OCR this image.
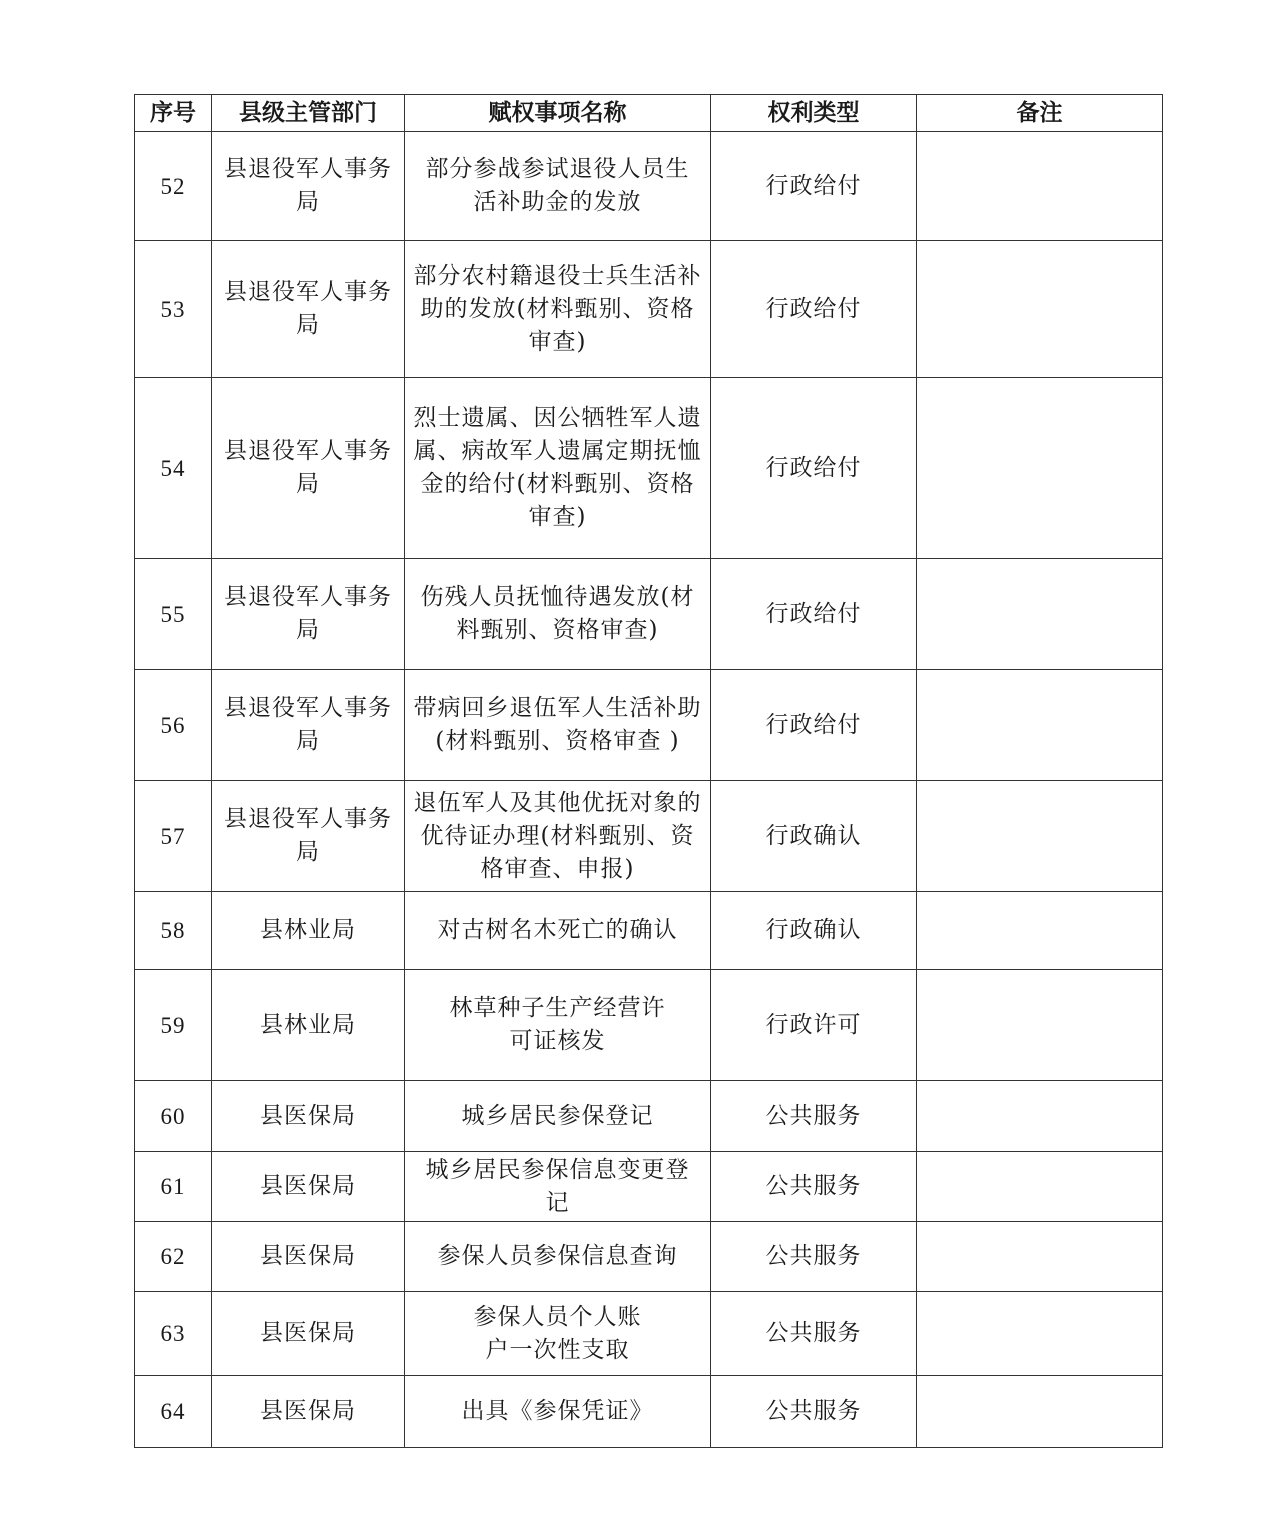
序号	县级主管部门	赋权事项名称	权利类型	备注
52	县退役军人事务局	部分参战参试退役人员生活补助金的发放	行政给付	
53	县退役军人事务局	部分农村籍退役士兵生活补助的发放(材料甄别、资格审查)	行政给付	
54	县退役军人事务局	烈士遗属、因公牺牲军人遗属、病故军人遗属定期抚恤金的给付(材料甄别、资格审查)	行政给付	
55	县退役军人事务局	伤残人员抚恤待遇发放(材料甄别、资格审查)	行政给付	
56	县退役军人事务局	带病回乡退伍军人生活补助(材料甄别、资格审查 )	行政给付	
57	县退役军人事务局	退伍军人及其他优抚对象的优待证办理(材料甄别、资格审查、申报)	行政确认	
58	县林业局	对古树名木死亡的确认	行政确认	
59	县林业局	林草种子生产经营许可证核发	行政许可	
60	县医保局	城乡居民参保登记	公共服务	
61	县医保局	城乡居民参保信息变更登 记	公共服务	
62	县医保局	参保人员参保信息查询	公共服务	
63	县医保局	参保人员个人账户一次性支取	公共服务	
64	县医保局	出具《参保凭证》	公共服务	
